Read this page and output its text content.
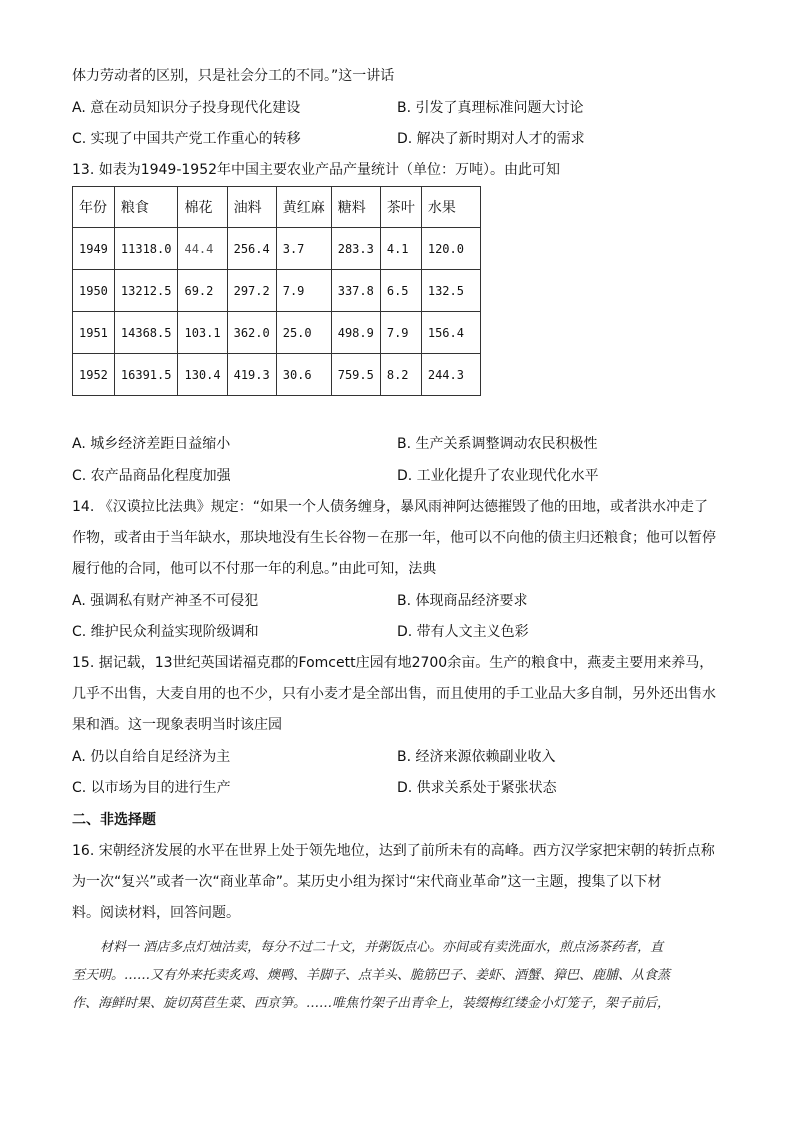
体力劳动者的区别，只是社会分工的不同。”这一讲话
A. 意在动员知识分子投身现代化建设	B. 引发了真理标准问题大讨论
C. 实现了中国共产党工作重心的转移	D. 解决了新时期对人才的需求
13. 如表为1949-1952年中国主要农业产品产量统计（单位：万吨）。由此可知
年份	粮食	棉花	油料	黄红麻	糖料	茶叶	水果
1949	11318.0	44.4	256.4	3.7	283.3	4.1	120.0
1950	13212.5	69.2	297.2	7.9	337.8	6.5	132.5
1951	14368.5	103.1	362.0	25.0	498.9	7.9	156.4
1952	16391.5	130.4	419.3	30.6	759.5	8.2	244.3
A. 城乡经济差距日益缩小	B. 生产关系调整调动农民积极性
C. 农产品商品化程度加强	D. 工业化提升了农业现代化水平
14. 《汉谟拉比法典》规定：“如果一个人债务缠身，暴风雨神阿达德摧毁了他的田地，或者洪水冲走了
作物，或者由于当年缺水，那块地没有生长谷物－在那一年，他可以不向他的债主归还粮食；他可以暂停
履行他的合同，他可以不付那一年的利息。”由此可知，法典
A. 强调私有财产神圣不可侵犯	B. 体现商品经济要求
C. 维护民众利益实现阶级调和	D. 带有人文主义色彩
15. 据记载，13世纪英国诺福克郡的Fomcett庄园有地2700余亩。生产的粮食中，燕麦主要用来养马，
几乎不出售，大麦自用的也不少，只有小麦才是全部出售，而且使用的手工业品大多自制，另外还出售水
果和酒。这一现象表明当时该庄园
A. 仍以自给自足经济为主	B. 经济来源依赖副业收入
C. 以市场为目的进行生产	D. 供求关系处于紧张状态
二、非选择题
16. 宋朝经济发展的水平在世界上处于领先地位，达到了前所未有的高峰。西方汉学家把宋朝的转折点称
为一次“复兴”或者一次“商业革命”。某历史小组为探讨“宋代商业革命”这一主题，搜集了以下材
料。阅读材料，回答问题。
材料一 酒店多点灯烛沽卖，每分不过二十文，并粥饭点心。亦间或有卖洗面水，煎点汤茶药者，直
至天明。……又有外来托卖炙鸡、燠鸭、羊脚子、点羊头、脆筋巴子、姜虾、酒蟹、獐巴、鹿脯、从食蒸
作、海鲜时果、旋切莴苣生菜、西京笋。……唯焦竹架子出青伞上，装缀梅红缕金小灯笼子，架子前后，
